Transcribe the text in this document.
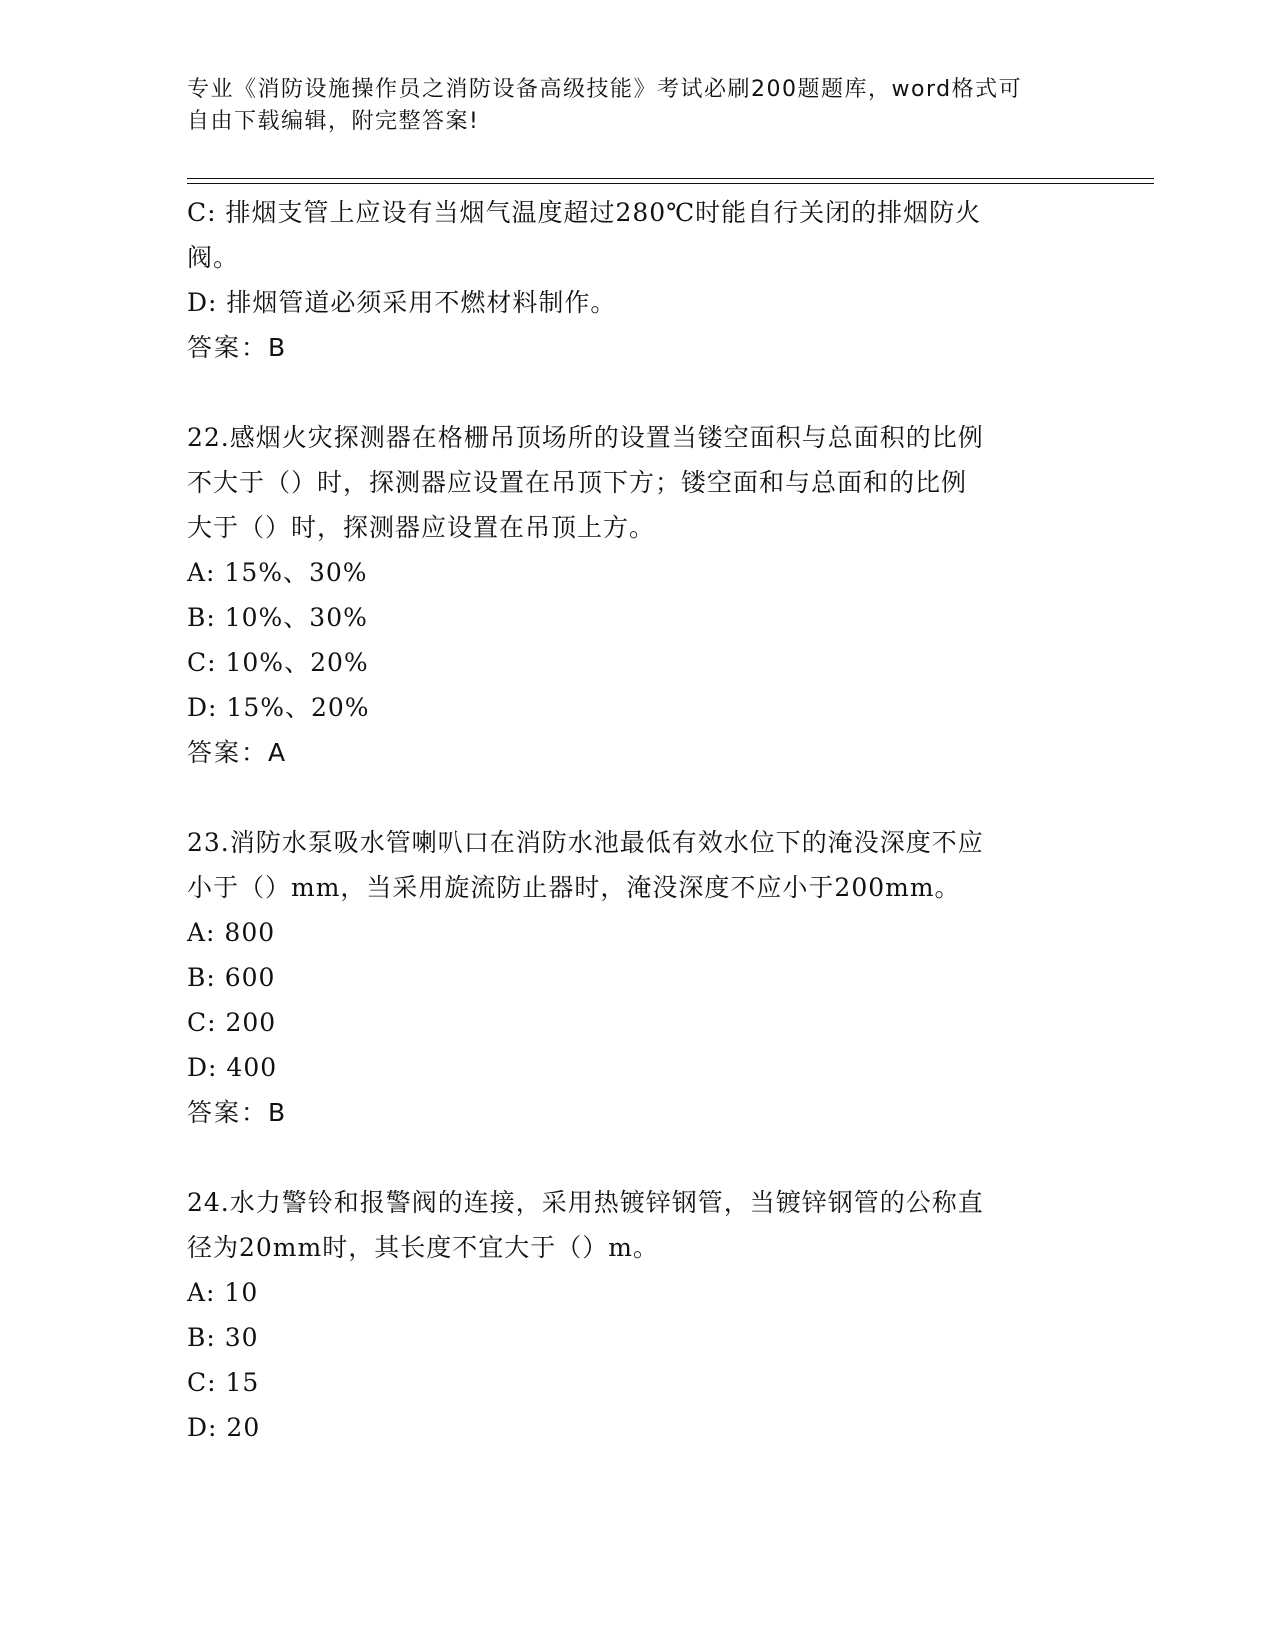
专业《消防设施操作员之消防设备高级技能》考试必刷200题题库，word格式可
自由下载编辑，附完整答案!
C: 排烟支管上应设有当烟气温度超过280℃时能自行关闭的排烟防火
阀。
D: 排烟管道必须采用不燃材料制作。
答案：B
22.感烟火灾探测器在格栅吊顶场所的设置当镂空面积与总面积的比例
不大于（）时，探测器应设置在吊顶下方；镂空面和与总面和的比例
大于（）时，探测器应设置在吊顶上方。
A: 15%、30%
B: 10%、30%
C: 10%、20%
D: 15%、20%
答案：A
23.消防水泵吸水管喇叭口在消防水池最低有效水位下的淹没深度不应
小于（）mm，当采用旋流防止器时，淹没深度不应小于200mm。
A: 800
B: 600
C: 200
D: 400
答案：B
24.水力警铃和报警阀的连接，采用热镀锌钢管，当镀锌钢管的公称直
径为20mm时，其长度不宜大于（）m。
A: 10
B: 30
C: 15
D: 20
